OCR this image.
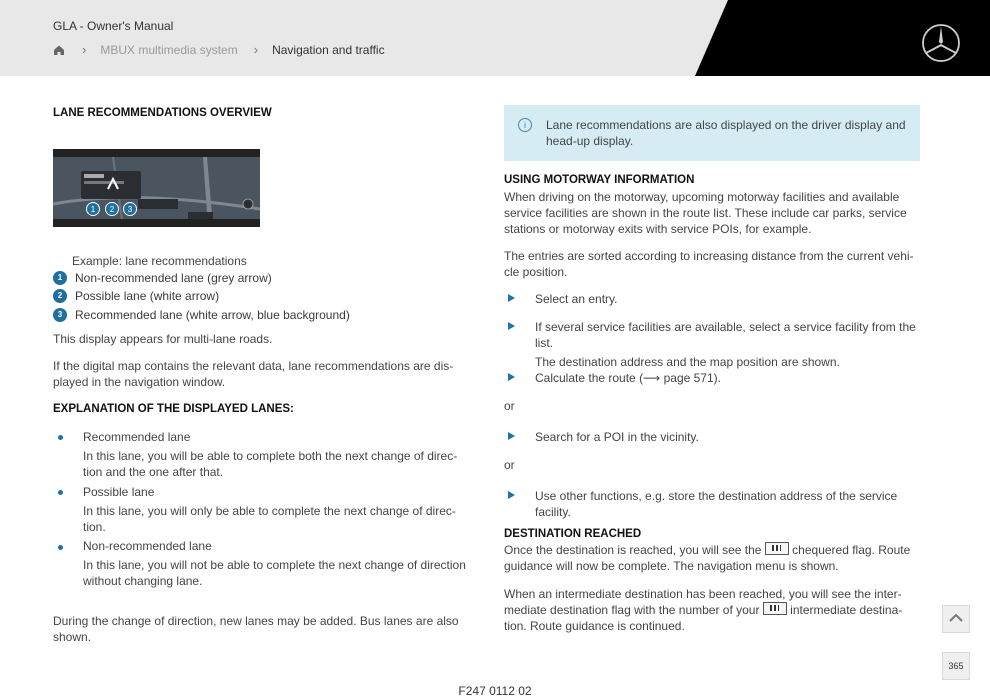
GLA - Owner's Manual
› MBUX multimedia system › Navigation and traffic
LANE RECOMMENDATIONS OVERVIEW
1 2 3
Example: lane recommendations
1	Non-recommended lane (grey arrow)
2	Possible lane (white arrow)
3	Recommended lane (white arrow, blue background)
This display appears for multi-lane roads.
If the digital map contains the relevant data, lane recommendations are dis-played in the navigation window.
EXPLANATION OF THE DISPLAYED LANES:
Recommended lane
In this lane, you will be able to complete both the next change of direc-tion and the one after that.
Possible lane
In this lane, you will only be able to complete the next change of direc-tion.
Non-recommended lane
In this lane, you will not be able to complete the next change of direction without changing lane.
During the change of direction, new lanes may be added. Bus lanes are also shown.
i	Lane recommendations are also displayed on the driver display and head-up display.
USING MOTORWAY INFORMATION
When driving on the motorway, upcoming motorway facilities and available service facilities are shown in the route list. These include car parks, service stations or motorway exits with service POIs, for example.
The entries are sorted according to increasing distance from the current vehi-cle position.
Select an entry.
If several service facilities are available, select a service facility from the list.
The destination address and the map position are shown.
Calculate the route (⟶ page 571).
or
Search for a POI in the vicinity.
or
Use other functions, e.g. store the destination address of the service facility.
DESTINATION REACHED
Once the destination is reached, you will see the	chequered flag. Route guidance will now be complete. The navigation menu is shown.
When an intermediate destination has been reached, you will see the inter-mediate destination flag with the number of your	intermediate destina-tion. Route guidance is continued.
365
F247 0112 02
